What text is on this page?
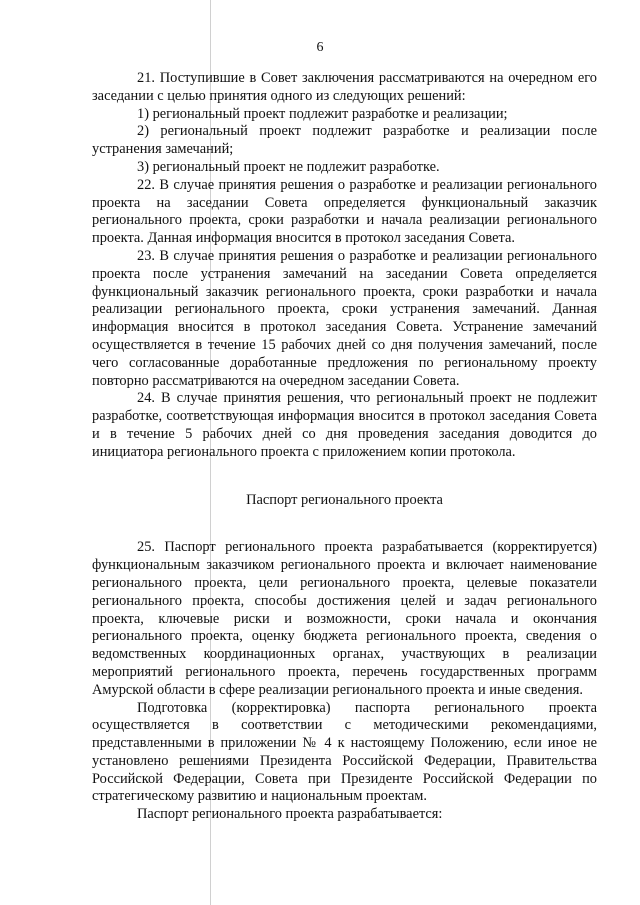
6

21. Поступившие в Совет заключения рассматриваются на очередном его заседании с целью принятия одного из следующих решений:

1) региональный проект подлежит разработке и реализации;

2) региональный проект подлежит разработке и реализации после устранения замечаний;

3) региональный проект не подлежит разработке.

22. В случае принятия решения о разработке и реализации регионального проекта на заседании Совета определяется функциональный заказчик регионального проекта, сроки разработки и начала реализации регионального проекта. Данная информация вносится в протокол заседания Совета.

23. В случае принятия решения о разработке и реализации регионального проекта после устранения замечаний на заседании Совета определяется функциональный заказчик регионального проекта, сроки разработки и начала реализации регионального проекта, сроки устранения замечаний. Данная информация вносится в протокол заседания Совета. Устранение замечаний осуществляется в течение 15 рабочих дней со дня получения замечаний, после чего согласованные доработанные предложения по региональному проекту повторно рассматриваются на очередном заседании Совета.

24. В случае принятия решения, что региональный проект не подлежит разработке, соответствующая информация вносится в протокол заседания Совета и в течение 5 рабочих дней со дня проведения заседания доводится до инициатора регионального проекта с приложением копии протокола.

Паспорт регионального проекта

25. Паспорт регионального проекта разрабатывается (корректируется) функциональным заказчиком регионального проекта и включает наименование регионального проекта, цели регионального проекта, целевые показатели регионального проекта, способы достижения целей и задач регионального проекта, ключевые риски и возможности, сроки начала и окончания регионального проекта, оценку бюджета регионального проекта, сведения о ведомственных координационных органах, участвующих в реализации мероприятий регионального проекта, перечень государственных программ Амурской области в сфере реализации регионального проекта и иные сведения.

Подготовка (корректировка) паспорта регионального проекта осуществляется в соответствии с методическими рекомендациями, представленными в приложении № 4 к настоящему Положению, если иное не установлено решениями Президента Российской Федерации, Правительства Российской Федерации, Совета при Президенте Российской Федерации по стратегическому развитию и национальным проектам.

Паспорт регионального проекта разрабатывается:
